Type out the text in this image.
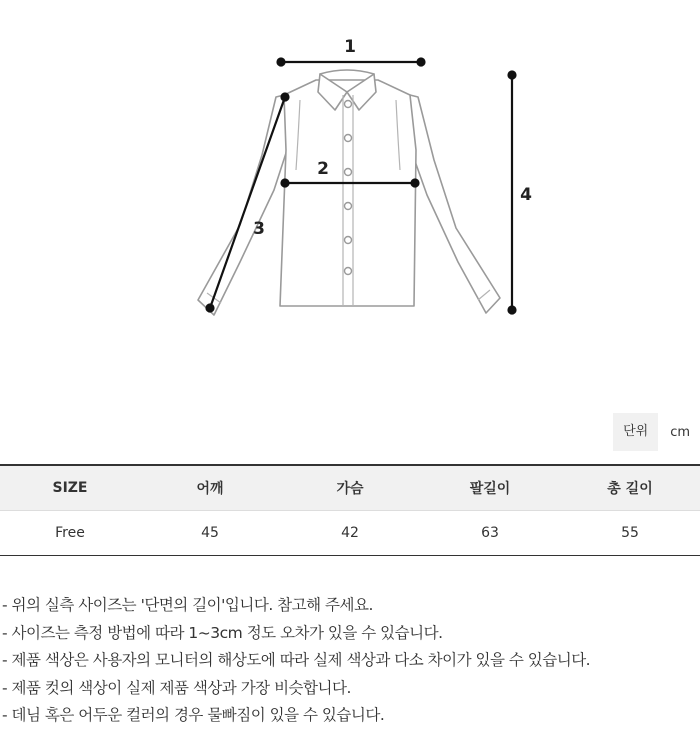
1
2
3
4
단위	cm
SIZE	어깨	가슴	팔길이	총 길이
Free	45	42	63	55
- 위의 실측 사이즈는 '단면의 길이'입니다. 참고해 주세요.
- 사이즈는 측정 방법에 따라 1~3cm 정도 오차가 있을 수 있습니다.
- 제품 색상은 사용자의 모니터의 해상도에 따라 실제 색상과 다소 차이가 있을 수 있습니다.
- 제품 컷의 색상이 실제 제품 색상과 가장 비슷합니다.
- 데님 혹은 어두운 컬러의 경우 물빠짐이 있을 수 있습니다.
